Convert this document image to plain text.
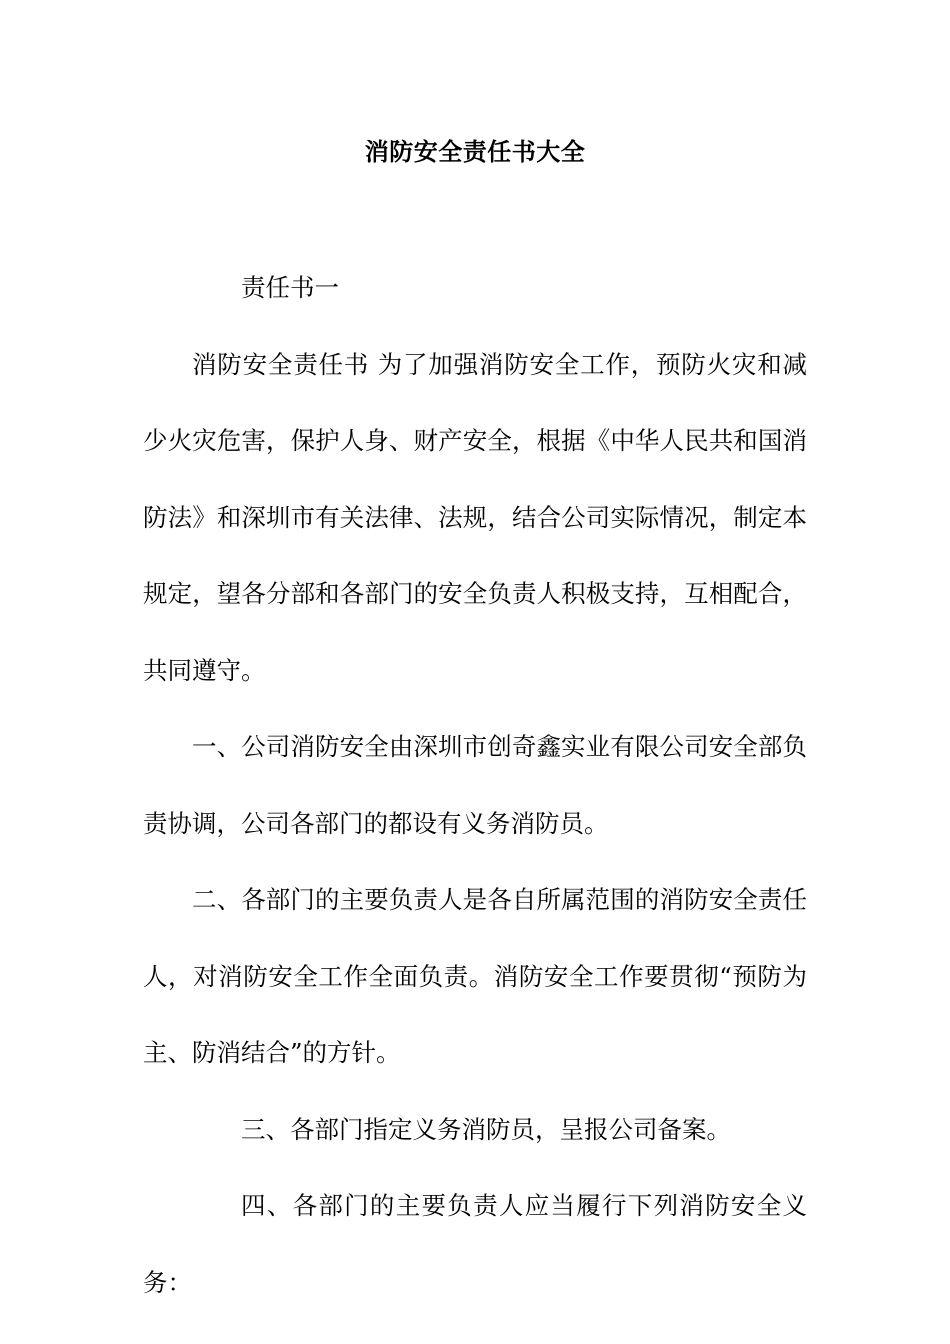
消防安全责任书大全

责任书一

消防安全责任书 为了加强消防安全工作，预防火灾和减少火灾危害，保护人身、财产安全，根据《中华人民共和国消防法》和深圳市有关法律、法规，结合公司实际情况，制定本规定，望各分部和各部门的安全负责人积极支持，互相配合，共同遵守。

一、公司消防安全由深圳市创奇鑫实业有限公司安全部负责协调，公司各部门的都设有义务消防员。

二、各部门的主要负责人是各自所属范围的消防安全责任人，对消防安全工作全面负责。消防安全工作要贯彻“预防为主、防消结合”的方针。

三、各部门指定义务消防员，呈报公司备案。

四、各部门的主要负责人应当履行下列消防安全义务：
